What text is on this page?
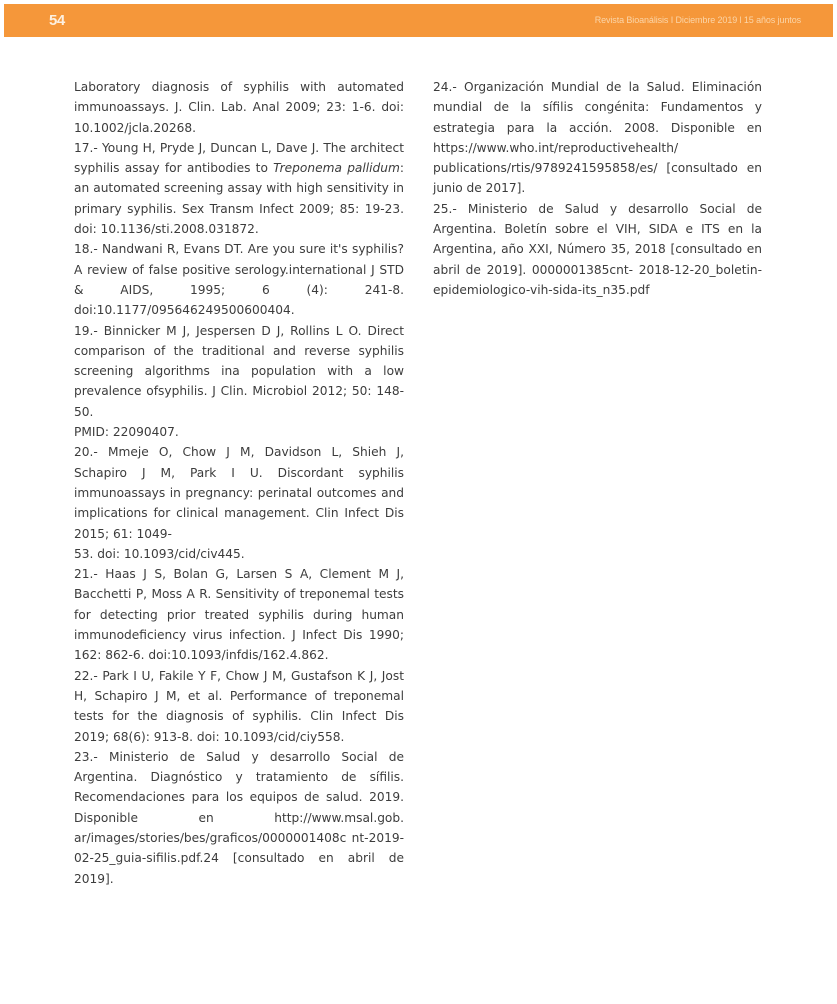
54	Revista Bioanálisis I Diciembre 2019 l 15 años juntos

Laboratory diagnosis of syphilis with automated immunoassays. J. Clin. Lab. Anal 2009; 23: 1-6. doi: 10.1002/jcla.20268.

17.- Young H, Pryde J, Duncan L, Dave J. The architect syphilis assay for antibodies to Treponema pallidum: an automated screening assay with high sensitivity in primary syphilis. Sex Transm Infect 2009; 85: 19-23. doi: 10.1136/sti.2008.031872.

18.- Nandwani R, Evans DT. Are you sure it's syphilis? A review of false positive serology.international J STD & AIDS, 1995; 6 (4): 241-8. doi:10.1177/095646249500600404.

19.- Binnicker M J, Jespersen D J, Rollins L O. Direct comparison of the traditional and reverse syphilis screening algorithms ina population with a low prevalence ofsyphilis. J Clin. Microbiol 2012; 50: 148-50.
PMID: 22090407.

20.- Mmeje O, Chow J M, Davidson L, Shieh J, Schapiro J M, Park I U. Discordant syphilis immunoassays in pregnancy: perinatal outcomes and implications for clinical management. Clin Infect Dis 2015; 61: 1049-
53. doi: 10.1093/cid/civ445.

21.- Haas J S, Bolan G, Larsen S A, Clement M J, Bacchetti P, Moss A R. Sensitivity of treponemal tests for detecting prior treated syphilis during human immunodeficiency virus infection. J Infect Dis 1990; 162: 862-6. doi:10.1093/infdis/162.4.862.

22.- Park I U, Fakile Y F, Chow J M, Gustafson K J, Jost H, Schapiro J M, et al. Performance of treponemal tests for the diagnosis of syphilis. Clin Infect Dis 2019; 68(6): 913-8. doi: 10.1093/cid/ciy558.

23.- Ministerio de Salud y desarrollo Social de Argentina. Diagnóstico y tratamiento de sífilis. Recomendaciones para los equipos de salud. 2019. Disponible en http://www.msal.gob. ar/images/stories/bes/graficos/0000001408c nt-2019-02-25_guia-sifilis.pdf.24 [consultado en abril de 2019].

24.- Organización Mundial de la Salud. Eliminación mundial de la sífilis congénita: Fundamentos y estrategia para la acción. 2008. Disponible en https://www.who.int/reproductivehealth/ publications/rtis/9789241595858/es/ [consultado en junio de 2017].

25.- Ministerio de Salud y desarrollo Social de Argentina. Boletín sobre el VIH, SIDA e ITS en la Argentina, año XXI, Número 35, 2018 [consultado en abril de 2019]. 0000001385cnt- 2018-12-20_boletin-epidemiologico-vih-sida-its_n35.pdf
